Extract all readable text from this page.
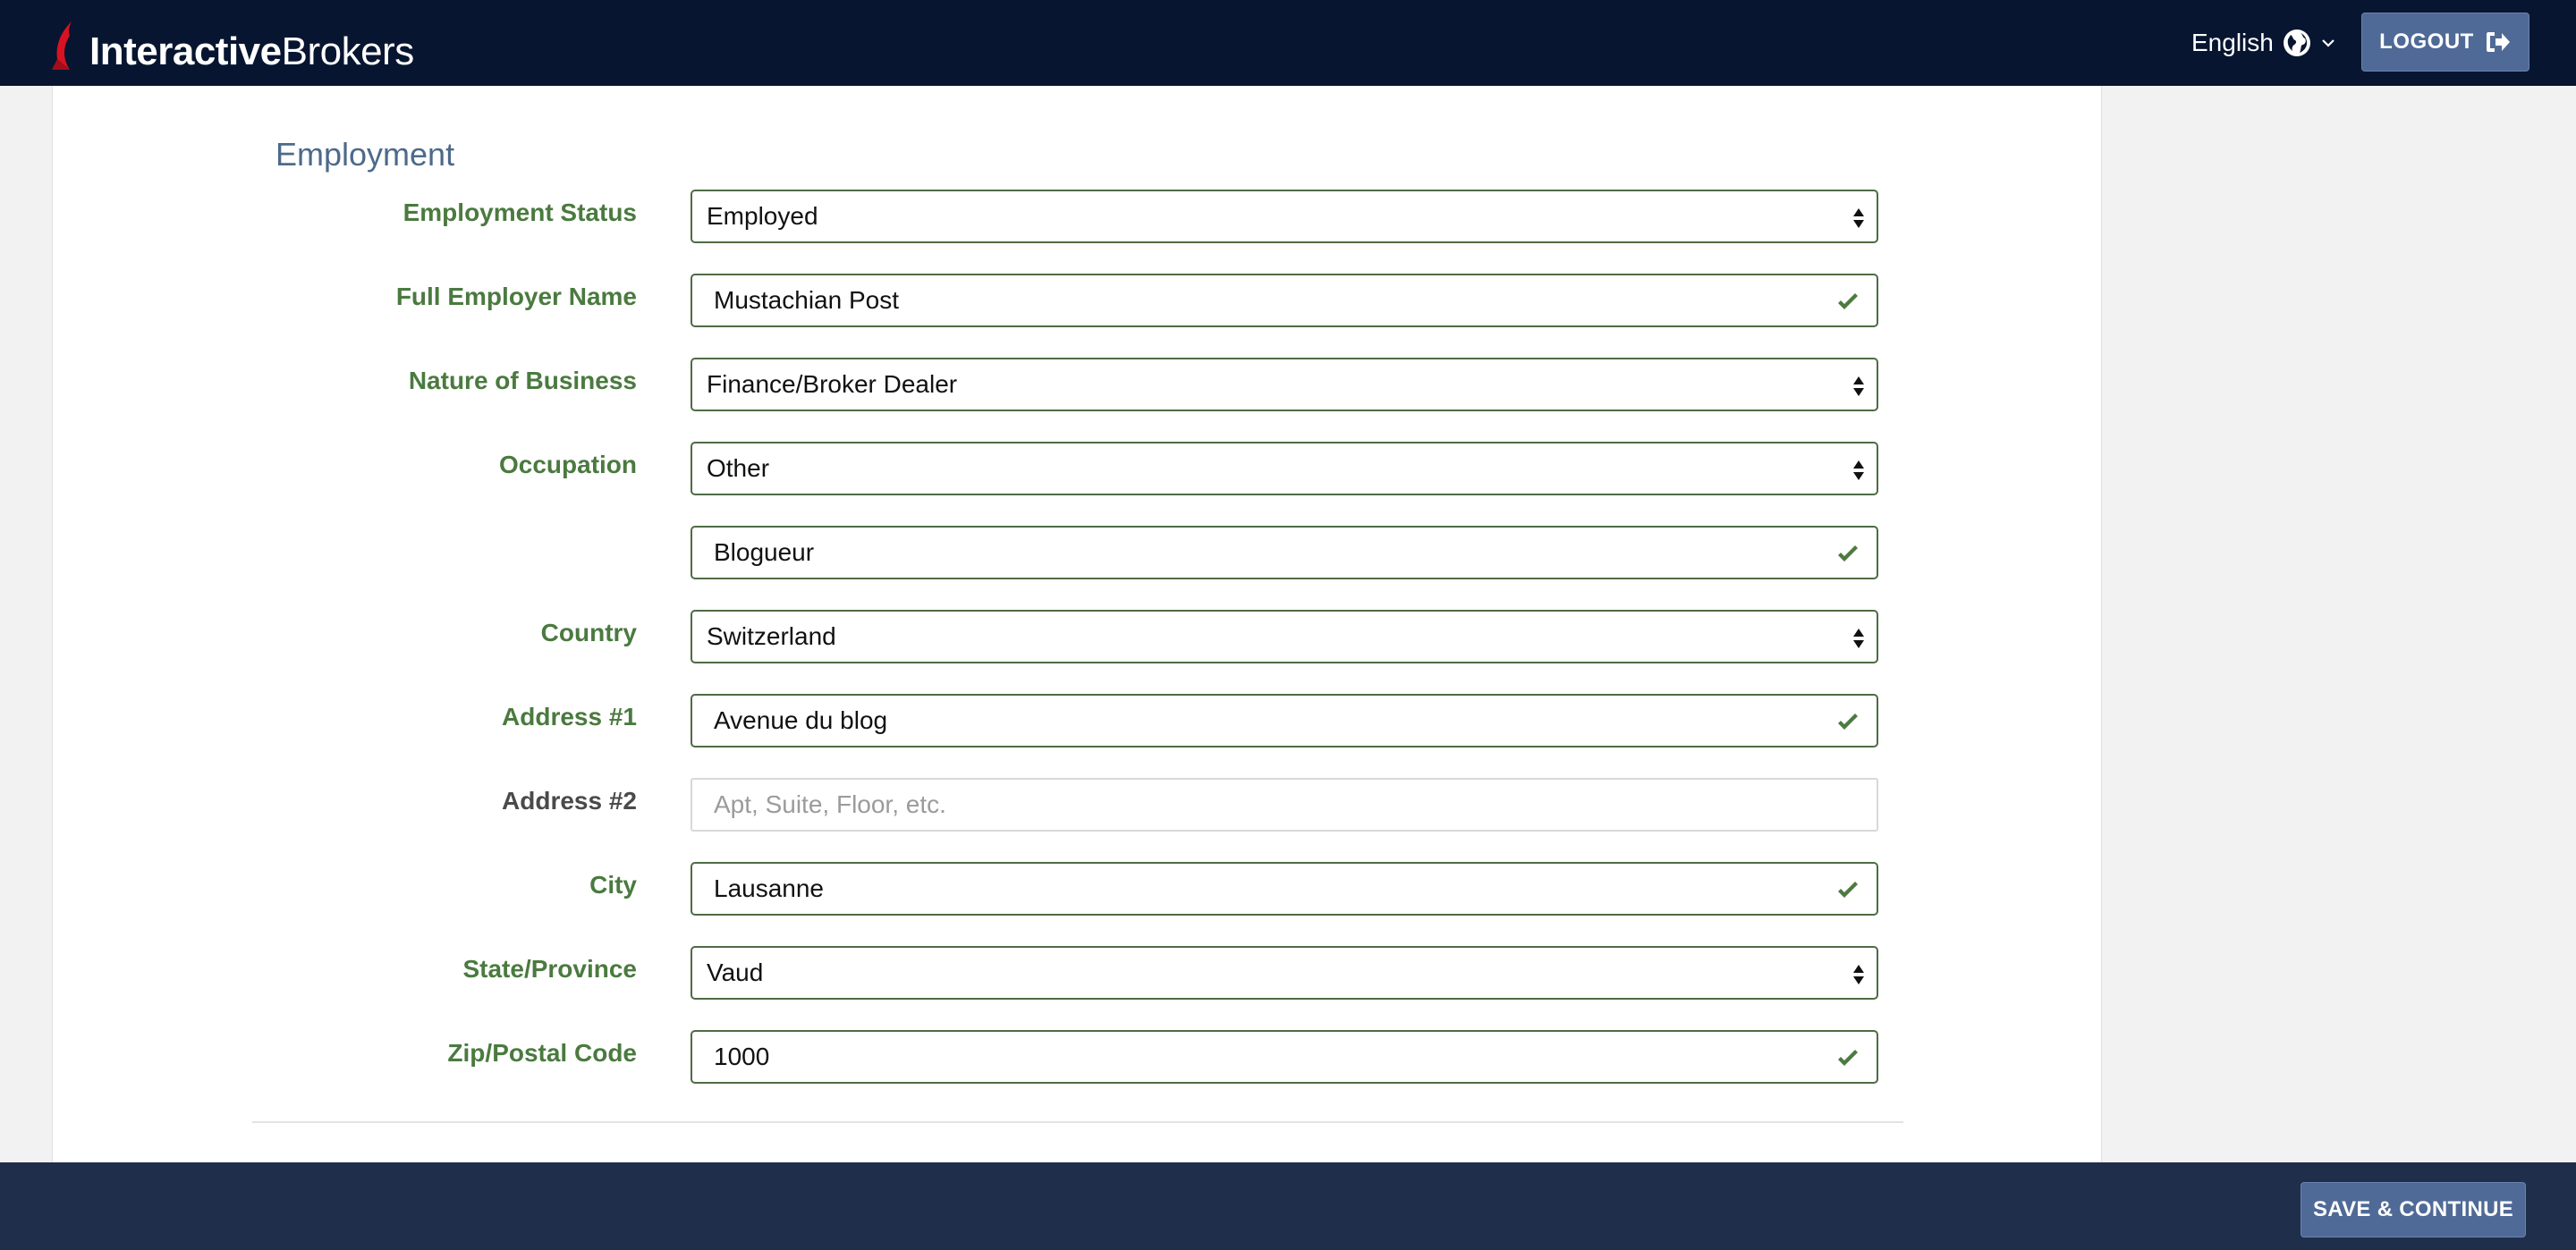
InteractiveBrokers	English	LOGOUT
Employment
Employment Status	Employed
Full Employer Name	Mustachian Post
Nature of Business	Finance/Broker Dealer
Occupation	Other
Blogueur
Country	Switzerland
Address #1	Avenue du blog
Address #2	Apt, Suite, Floor, etc.
City	Lausanne
State/Province	Vaud
Zip/Postal Code	1000
SAVE & CONTINUE
